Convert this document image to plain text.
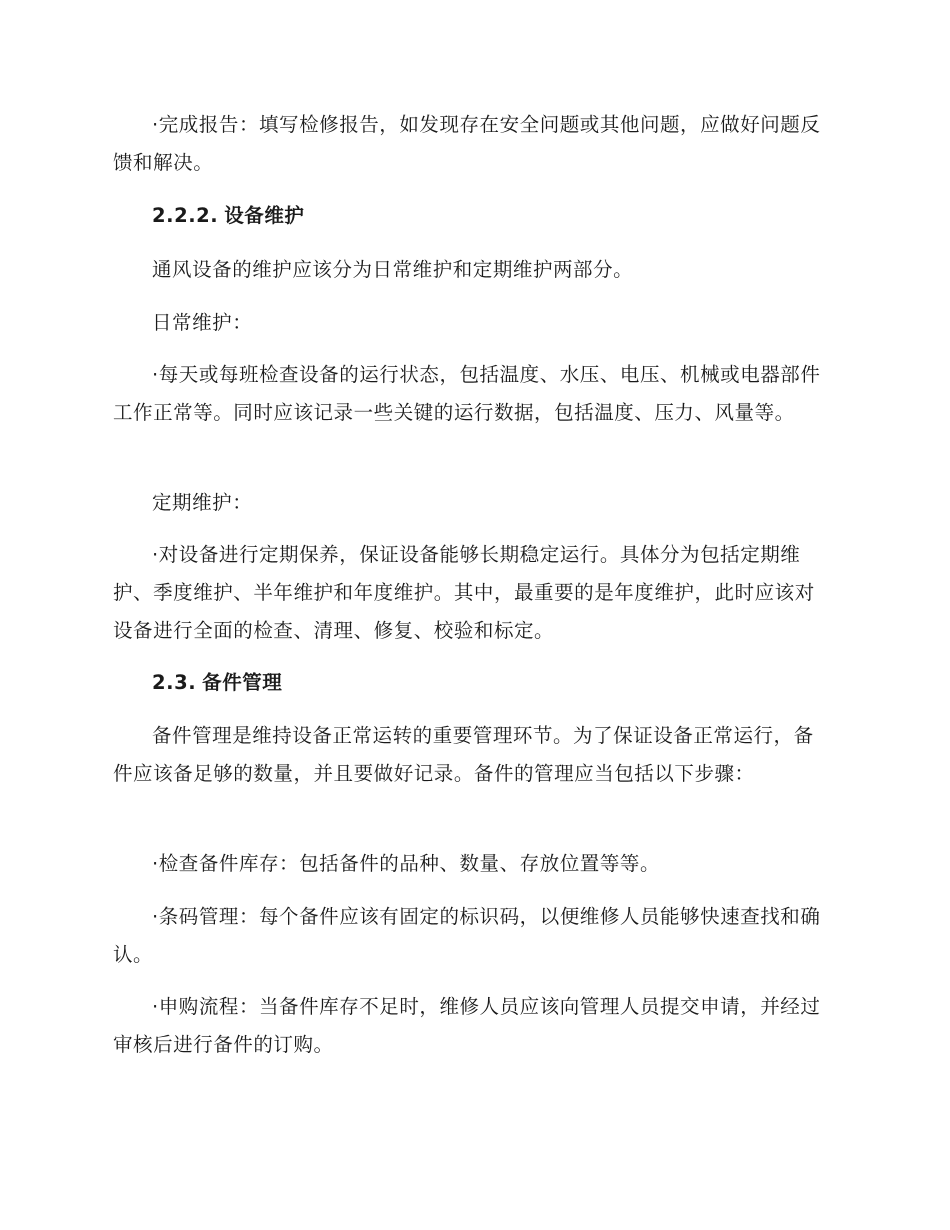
·完成报告：填写检修报告，如发现存在安全问题或其他问题，应做好问题反馈和解决。

2.2.2. 设备维护

通风设备的维护应该分为日常维护和定期维护两部分。

日常维护：

·每天或每班检查设备的运行状态，包括温度、水压、电压、机械或电器部件工作正常等。同时应该记录一些关键的运行数据，包括温度、压力、风量等。

定期维护：

·对设备进行定期保养，保证设备能够长期稳定运行。具体分为包括定期维护、季度维护、半年维护和年度维护。其中，最重要的是年度维护，此时应该对设备进行全面的检查、清理、修复、校验和标定。

2.3. 备件管理

备件管理是维持设备正常运转的重要管理环节。为了保证设备正常运行，备件应该备足够的数量，并且要做好记录。备件的管理应当包括以下步骤：

·检查备件库存：包括备件的品种、数量、存放位置等等。

·条码管理：每个备件应该有固定的标识码，以便维修人员能够快速查找和确认。

·申购流程：当备件库存不足时，维修人员应该向管理人员提交申请，并经过审核后进行备件的订购。
